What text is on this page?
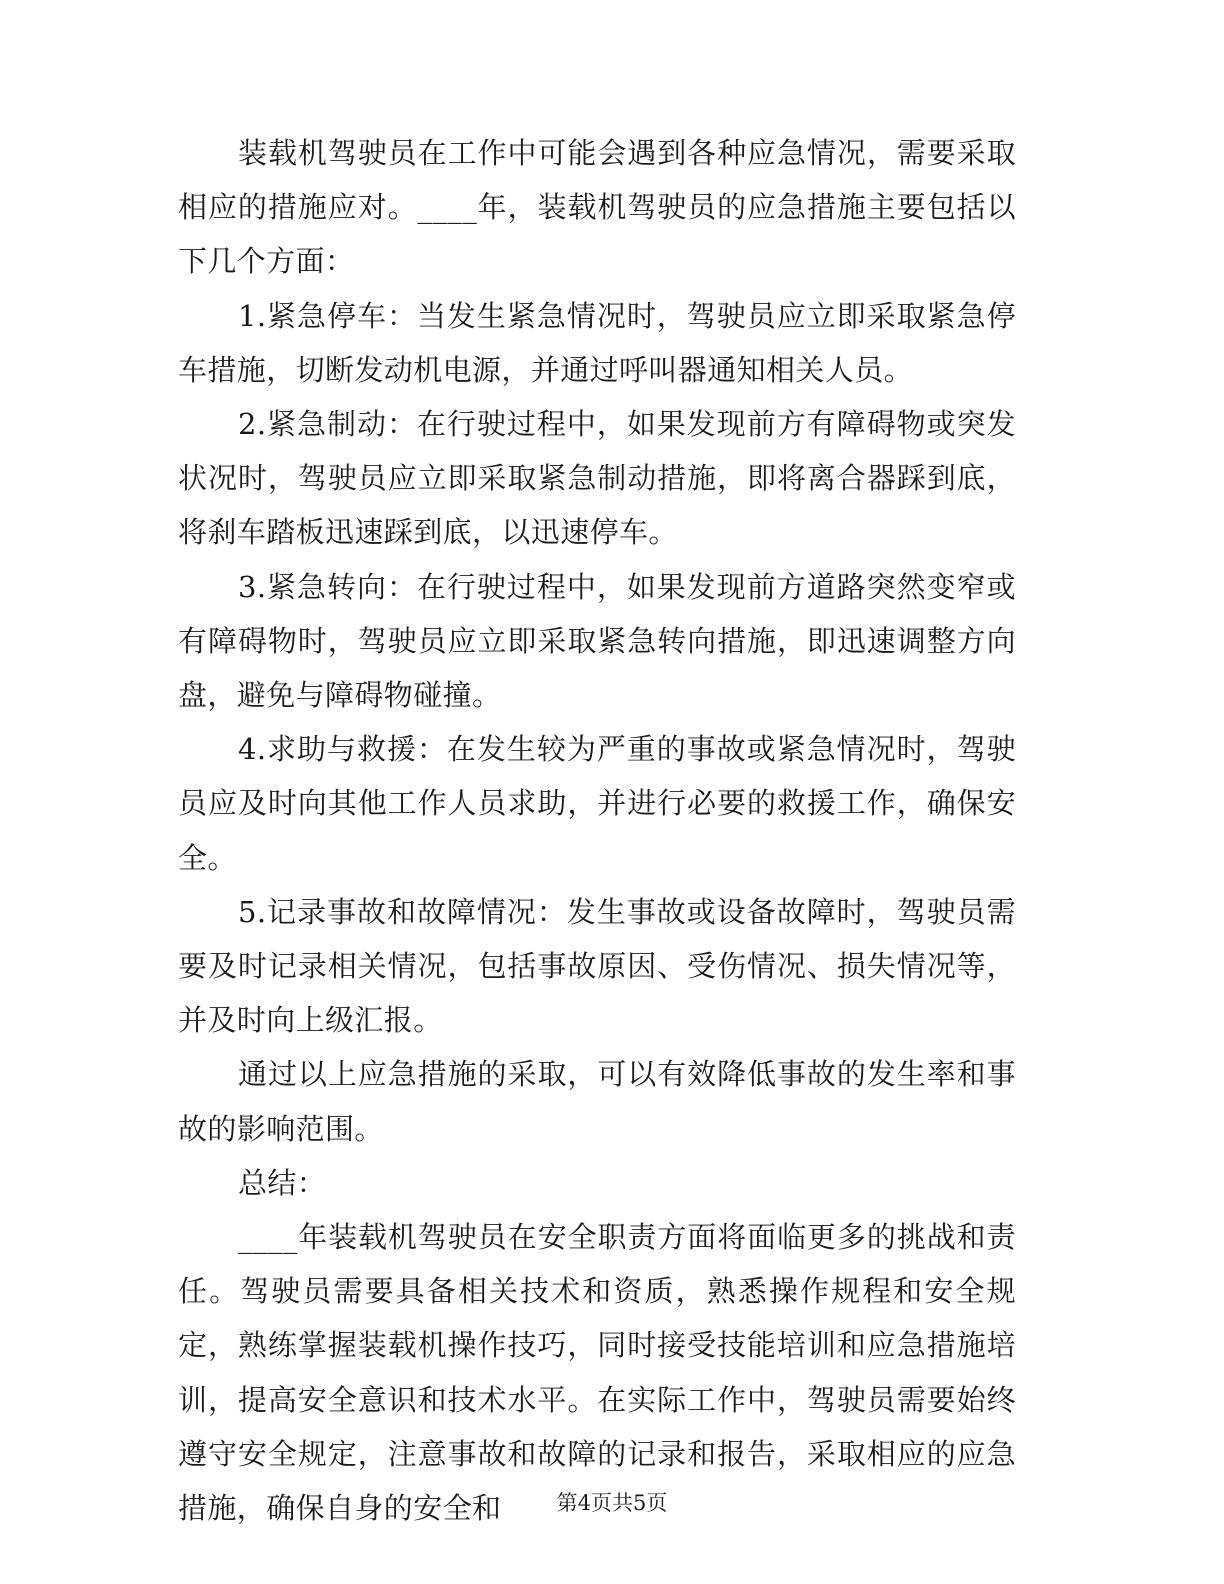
装载机驾驶员在工作中可能会遇到各种应急情况，需要采取相应的措施应对。____年，装载机驾驶员的应急措施主要包括以下几个方面：

1.紧急停车：当发生紧急情况时，驾驶员应立即采取紧急停车措施，切断发动机电源，并通过呼叫器通知相关人员。

2.紧急制动：在行驶过程中，如果发现前方有障碍物或突发状况时，驾驶员应立即采取紧急制动措施，即将离合器踩到底，将刹车踏板迅速踩到底，以迅速停车。

3.紧急转向：在行驶过程中，如果发现前方道路突然变窄或有障碍物时，驾驶员应立即采取紧急转向措施，即迅速调整方向盘，避免与障碍物碰撞。

4.求助与救援：在发生较为严重的事故或紧急情况时，驾驶员应及时向其他工作人员求助，并进行必要的救援工作，确保安全。

5.记录事故和故障情况：发生事故或设备故障时，驾驶员需要及时记录相关情况，包括事故原因、受伤情况、损失情况等，并及时向上级汇报。

通过以上应急措施的采取，可以有效降低事故的发生率和事故的影响范围。

总结：

____年装载机驾驶员在安全职责方面将面临更多的挑战和责任。驾驶员需要具备相关技术和资质，熟悉操作规程和安全规定，熟练掌握装载机操作技巧，同时接受技能培训和应急措施培训，提高安全意识和技术水平。在实际工作中，驾驶员需要始终遵守安全规定，注意事故和故障的记录和报告，采取相应的应急措施，确保自身的安全和	第4页共5页
